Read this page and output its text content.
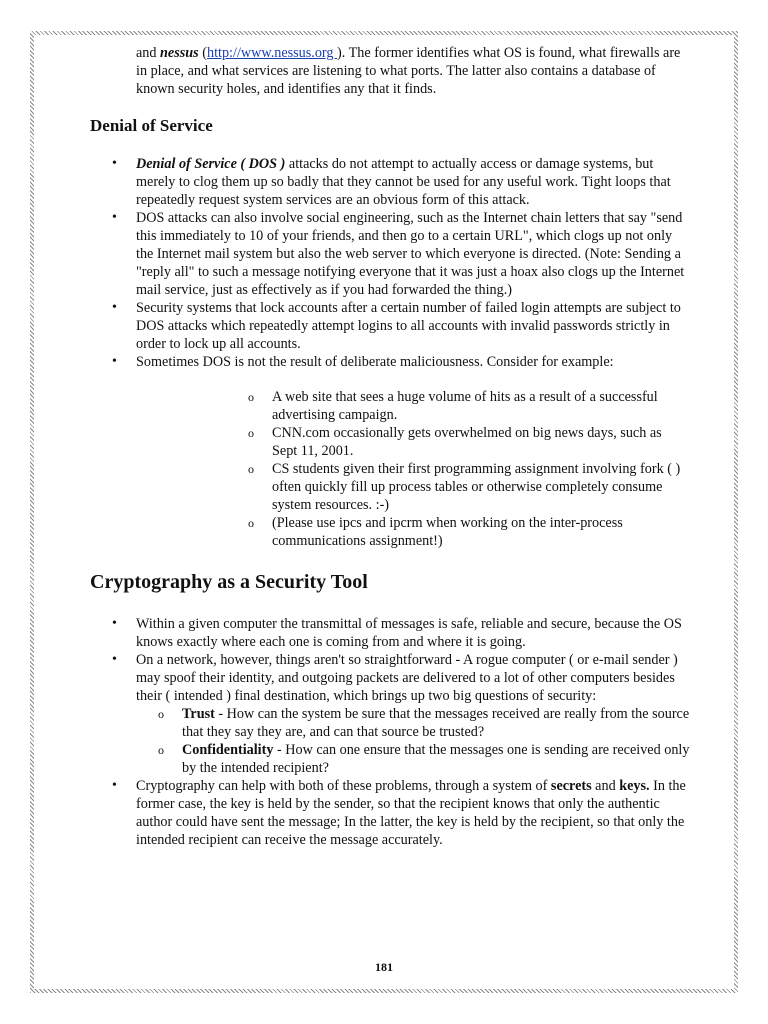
and nessus (http://www.nessus.org ). The former identifies what OS is found, what firewalls are in place, and what services are listening to what ports. The latter also contains a database of known security holes, and identifies any that it finds.

Denial of Service
• Denial of Service ( DOS ) attacks do not attempt to actually access or damage systems, but merely to clog them up so badly that they cannot be used for any useful work. Tight loops that repeatedly request system services are an obvious form of this attack.
• DOS attacks can also involve social engineering, such as the Internet chain letters that say "send this immediately to 10 of your friends, and then go to a certain URL", which clogs up not only the Internet mail system but also the web server to which everyone is directed. (Note: Sending a "reply all" to such a message notifying everyone that it was just a hoax also clogs up the Internet mail service, just as effectively as if you had forwarded the thing.)
• Security systems that lock accounts after a certain number of failed login attempts are subject to DOS attacks which repeatedly attempt logins to all accounts with invalid passwords strictly in order to lock up all accounts.
• Sometimes DOS is not the result of deliberate maliciousness. Consider for example:
o A web site that sees a huge volume of hits as a result of a successful advertising campaign.
o CNN.com occasionally gets overwhelmed on big news days, such as Sept 11, 2001.
o CS students given their first programming assignment involving fork ( ) often quickly fill up process tables or otherwise completely consume system resources. :-)
o (Please use ipcs and ipcrm when working on the inter-process communications assignment!)
Cryptography as a Security Tool
• Within a given computer the transmittal of messages is safe, reliable and secure, because the OS knows exactly where each one is coming from and where it is going.
• On a network, however, things aren't so straightforward - A rogue computer ( or e-mail sender ) may spoof their identity, and outgoing packets are delivered to a lot of other computers besides their ( intended ) final destination, which brings up two big questions of security:
o Trust - How can the system be sure that the messages received are really from the source that they say they are, and can that source be trusted?
o Confidentiality - How can one ensure that the messages one is sending are received only by the intended recipient?
• Cryptography can help with both of these problems, through a system of secrets and keys. In the former case, the key is held by the sender, so that the recipient knows that only the authentic author could have sent the message; In the latter, the key is held by the recipient, so that only the intended recipient can receive the message accurately.
181
